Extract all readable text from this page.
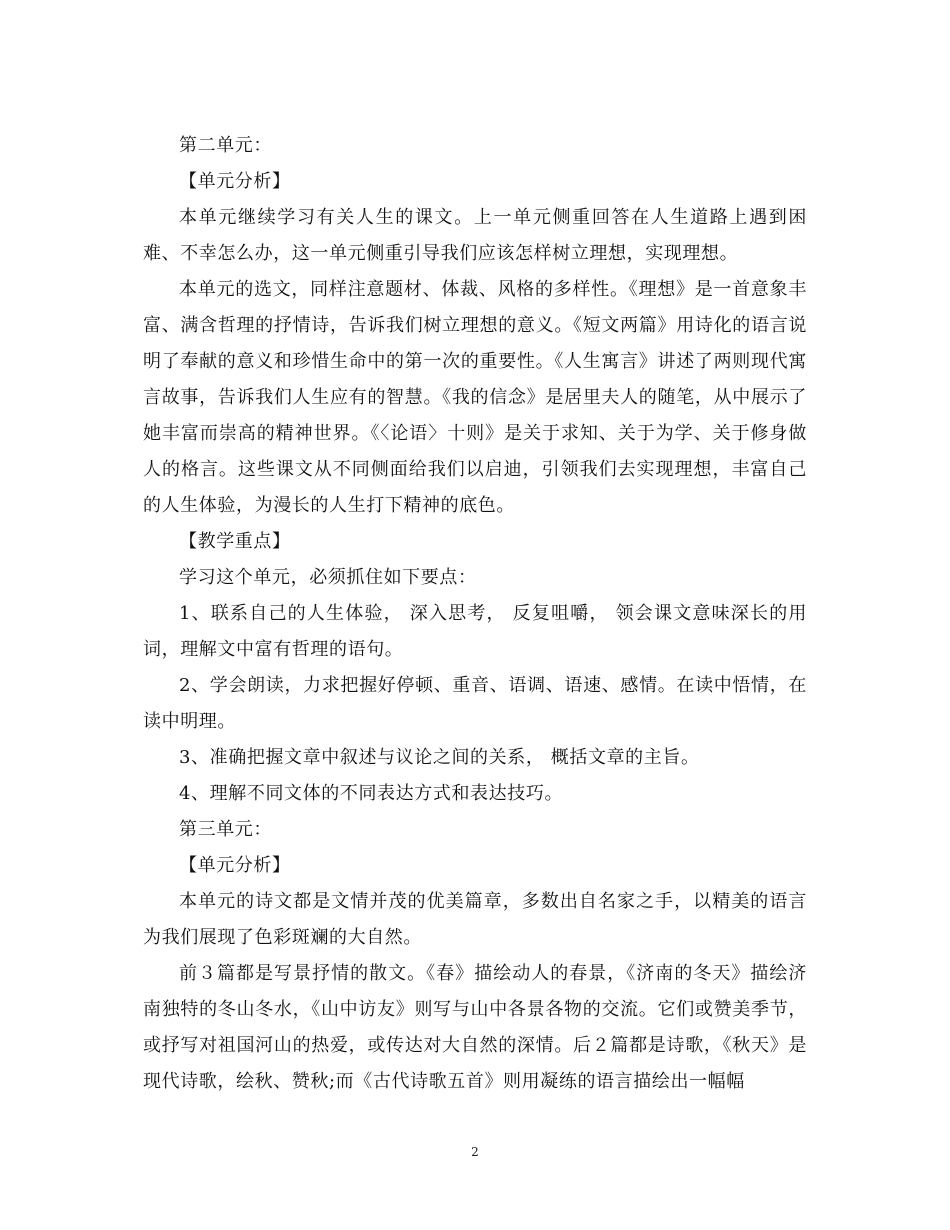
第二单元：

【单元分析】

本单元继续学习有关人生的课文。上一单元侧重回答在人生道路上遇到困难、不幸怎么办，这一单元侧重引导我们应该怎样树立理想，实现理想。

本单元的选文，同样注意题材、体裁、风格的多样性。《理想》是一首意象丰富、满含哲理的抒情诗，告诉我们树立理想的意义。《短文两篇》用诗化的语言说明了奉献的意义和珍惜生命中的第一次的重要性。《人生寓言》讲述了两则现代寓言故事，告诉我们人生应有的智慧。《我的信念》是居里夫人的随笔，从中展示了她丰富而崇高的精神世界。《〈论语〉十则》是关于求知、关于为学、关于修身做人的格言。这些课文从不同侧面给我们以启迪，引领我们去实现理想，丰富自己的人生体验，为漫长的人生打下精神的底色。

【教学重点】

学习这个单元，必须抓住如下要点：

1、联系自己的人生体验， 深入思考， 反复咀嚼， 领会课文意味深长的用词，理解文中富有哲理的语句。

2、学会朗读，力求把握好停顿、重音、语调、语速、感情。在读中悟情，在读中明理。

3、准确把握文章中叙述与议论之间的关系， 概括文章的主旨。

4、理解不同文体的不同表达方式和表达技巧。

第三单元：

【单元分析】

本单元的诗文都是文情并茂的优美篇章，多数出自名家之手，以精美的语言为我们展现了色彩斑斓的大自然。

前３篇都是写景抒情的散文。《春》描绘动人的春景，《济南的冬天》描绘济南独特的冬山冬水，《山中访友》则写与山中各景各物的交流。它们或赞美季节，或抒写对祖国河山的热爱，或传达对大自然的深情。后２篇都是诗歌，《秋天》是现代诗歌，绘秋、赞秋;而《古代诗歌五首》则用凝练的语言描绘出一幅幅

2
